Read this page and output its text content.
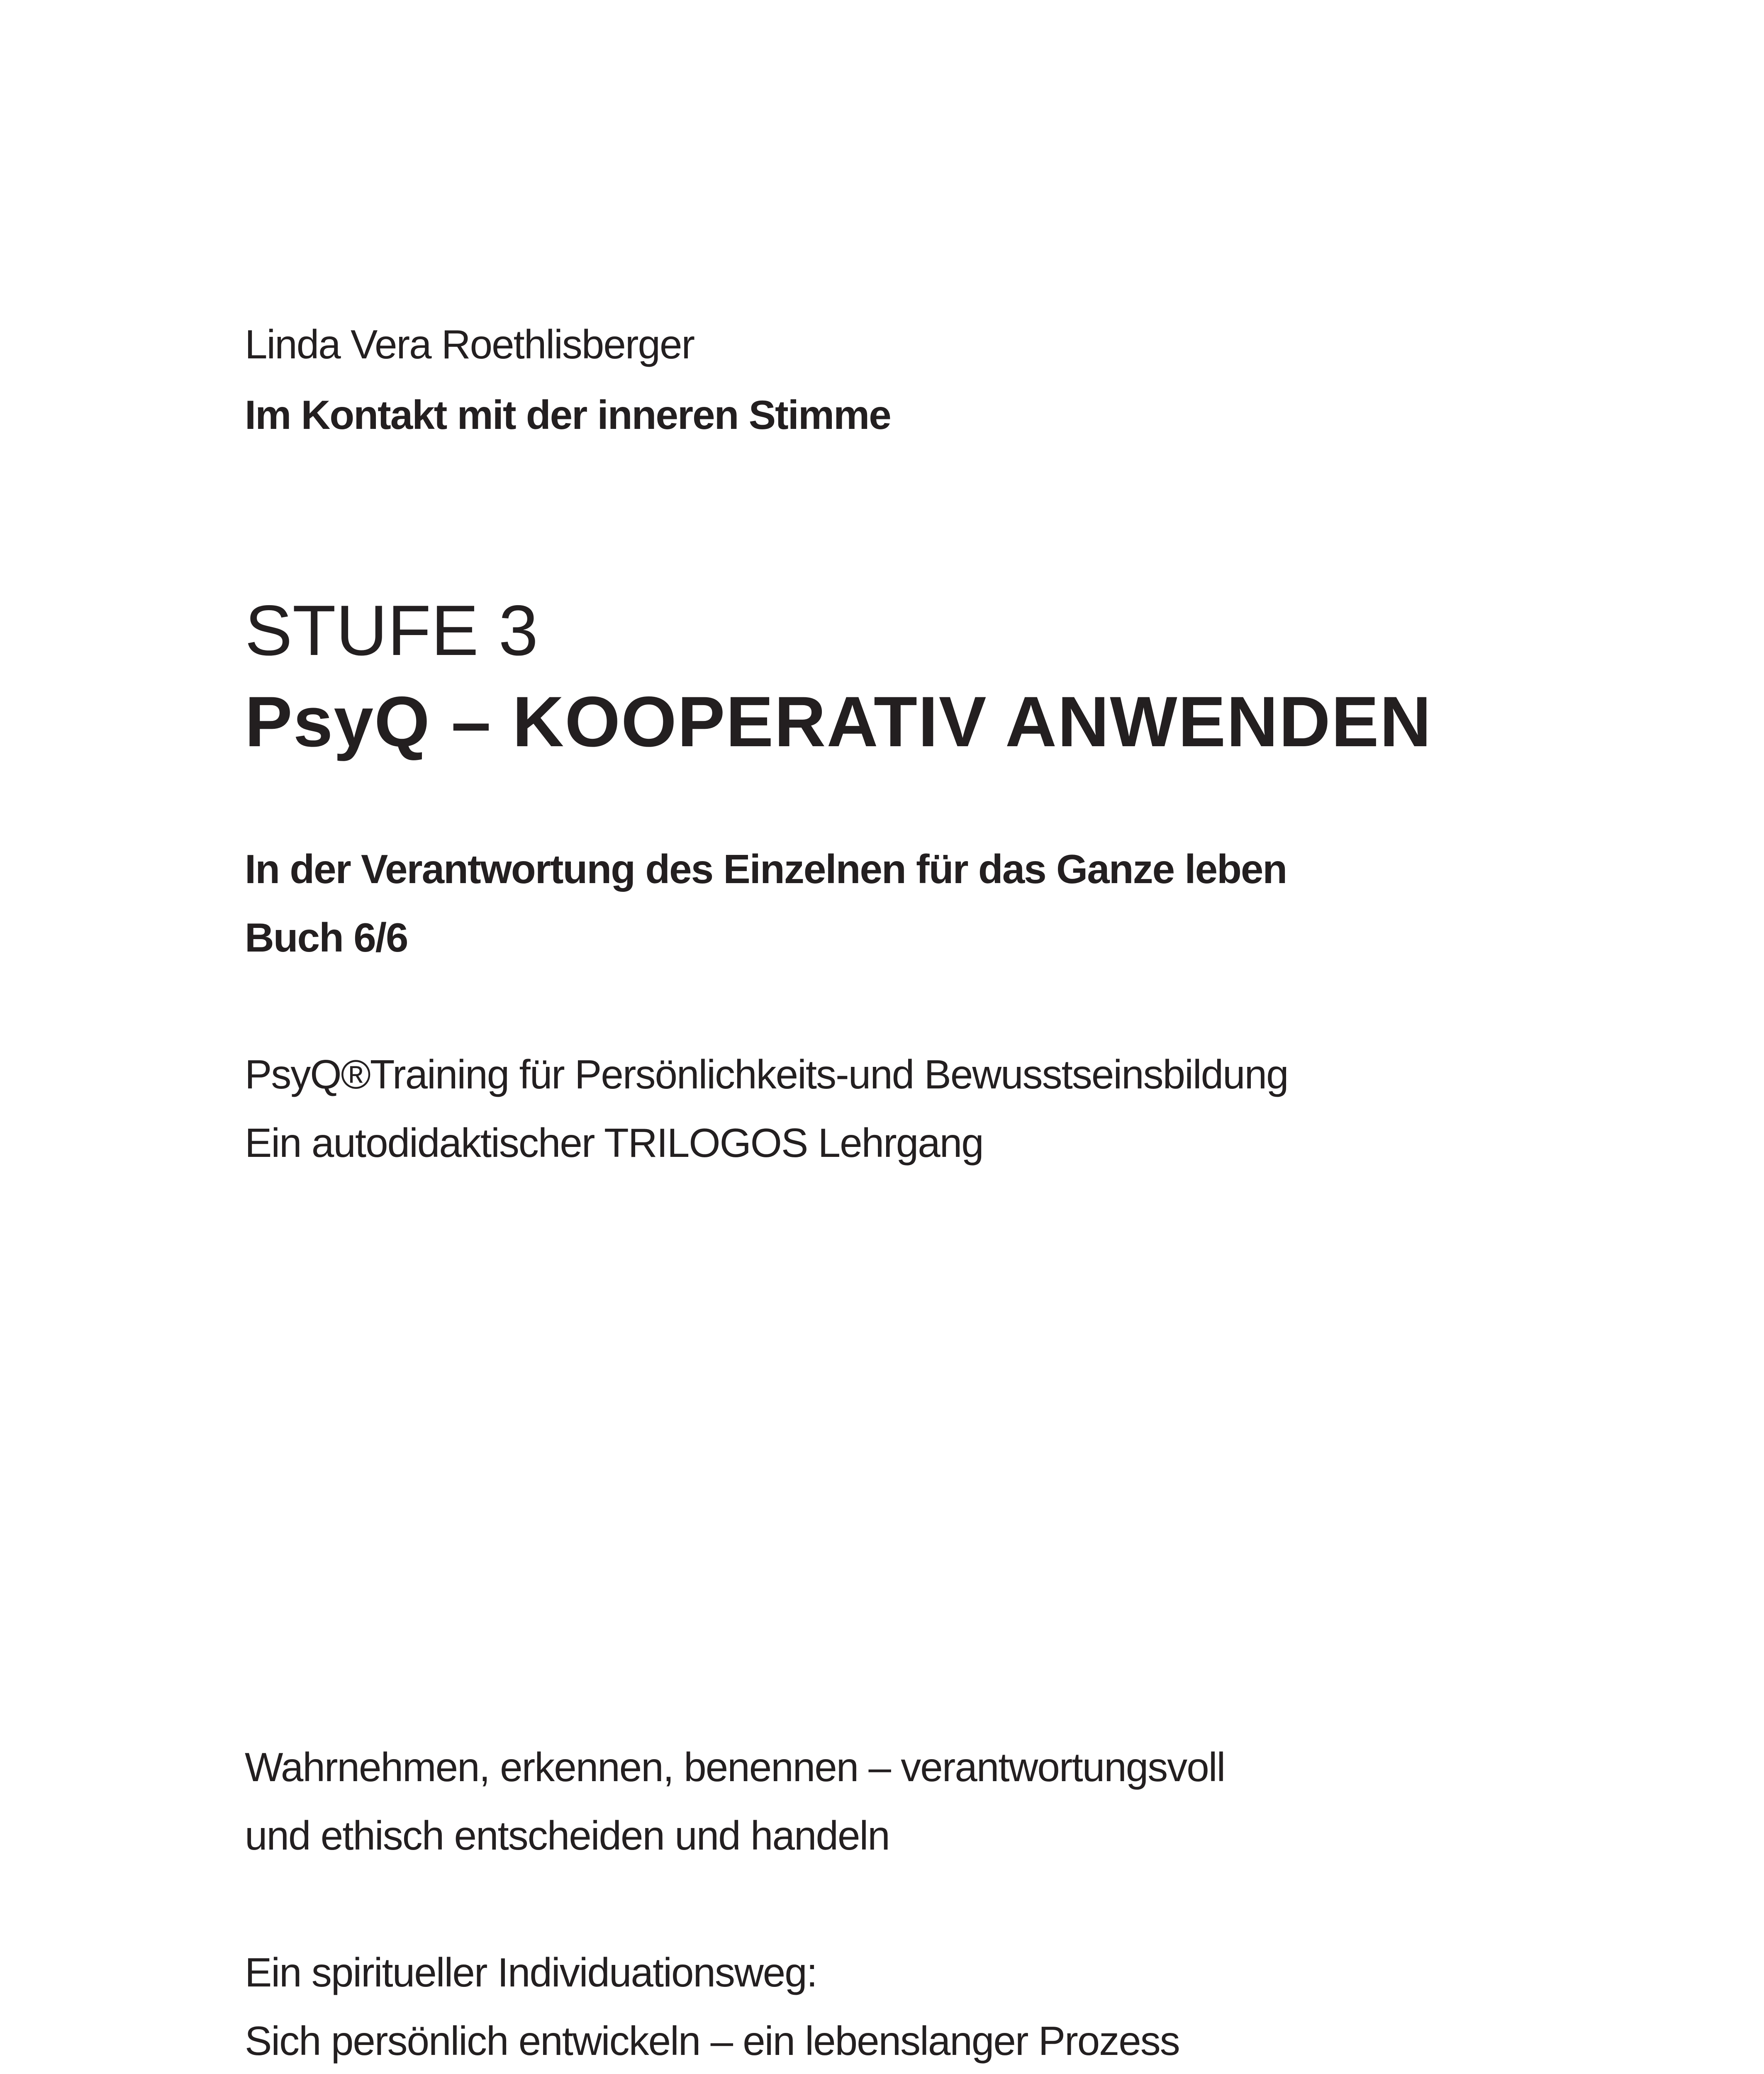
Linda Vera Roethlisberger

Im Kontakt mit der inneren Stimme

STUFE 3
PsyQ – KOOPERATIV ANWENDEN

In der Verantwortung des Einzelnen für das Ganze leben

Buch 6/6

PsyQ®Training für Persönlichkeits-und Bewusstseinsbildung

Ein autodidaktischer TRILOGOS Lehrgang

Wahrnehmen, erkennen, benennen – verantwortungsvoll

und ethisch entscheiden und handeln

Ein spiritueller Individuationsweg:

Sich persönlich entwickeln – ein lebenslanger Prozess
